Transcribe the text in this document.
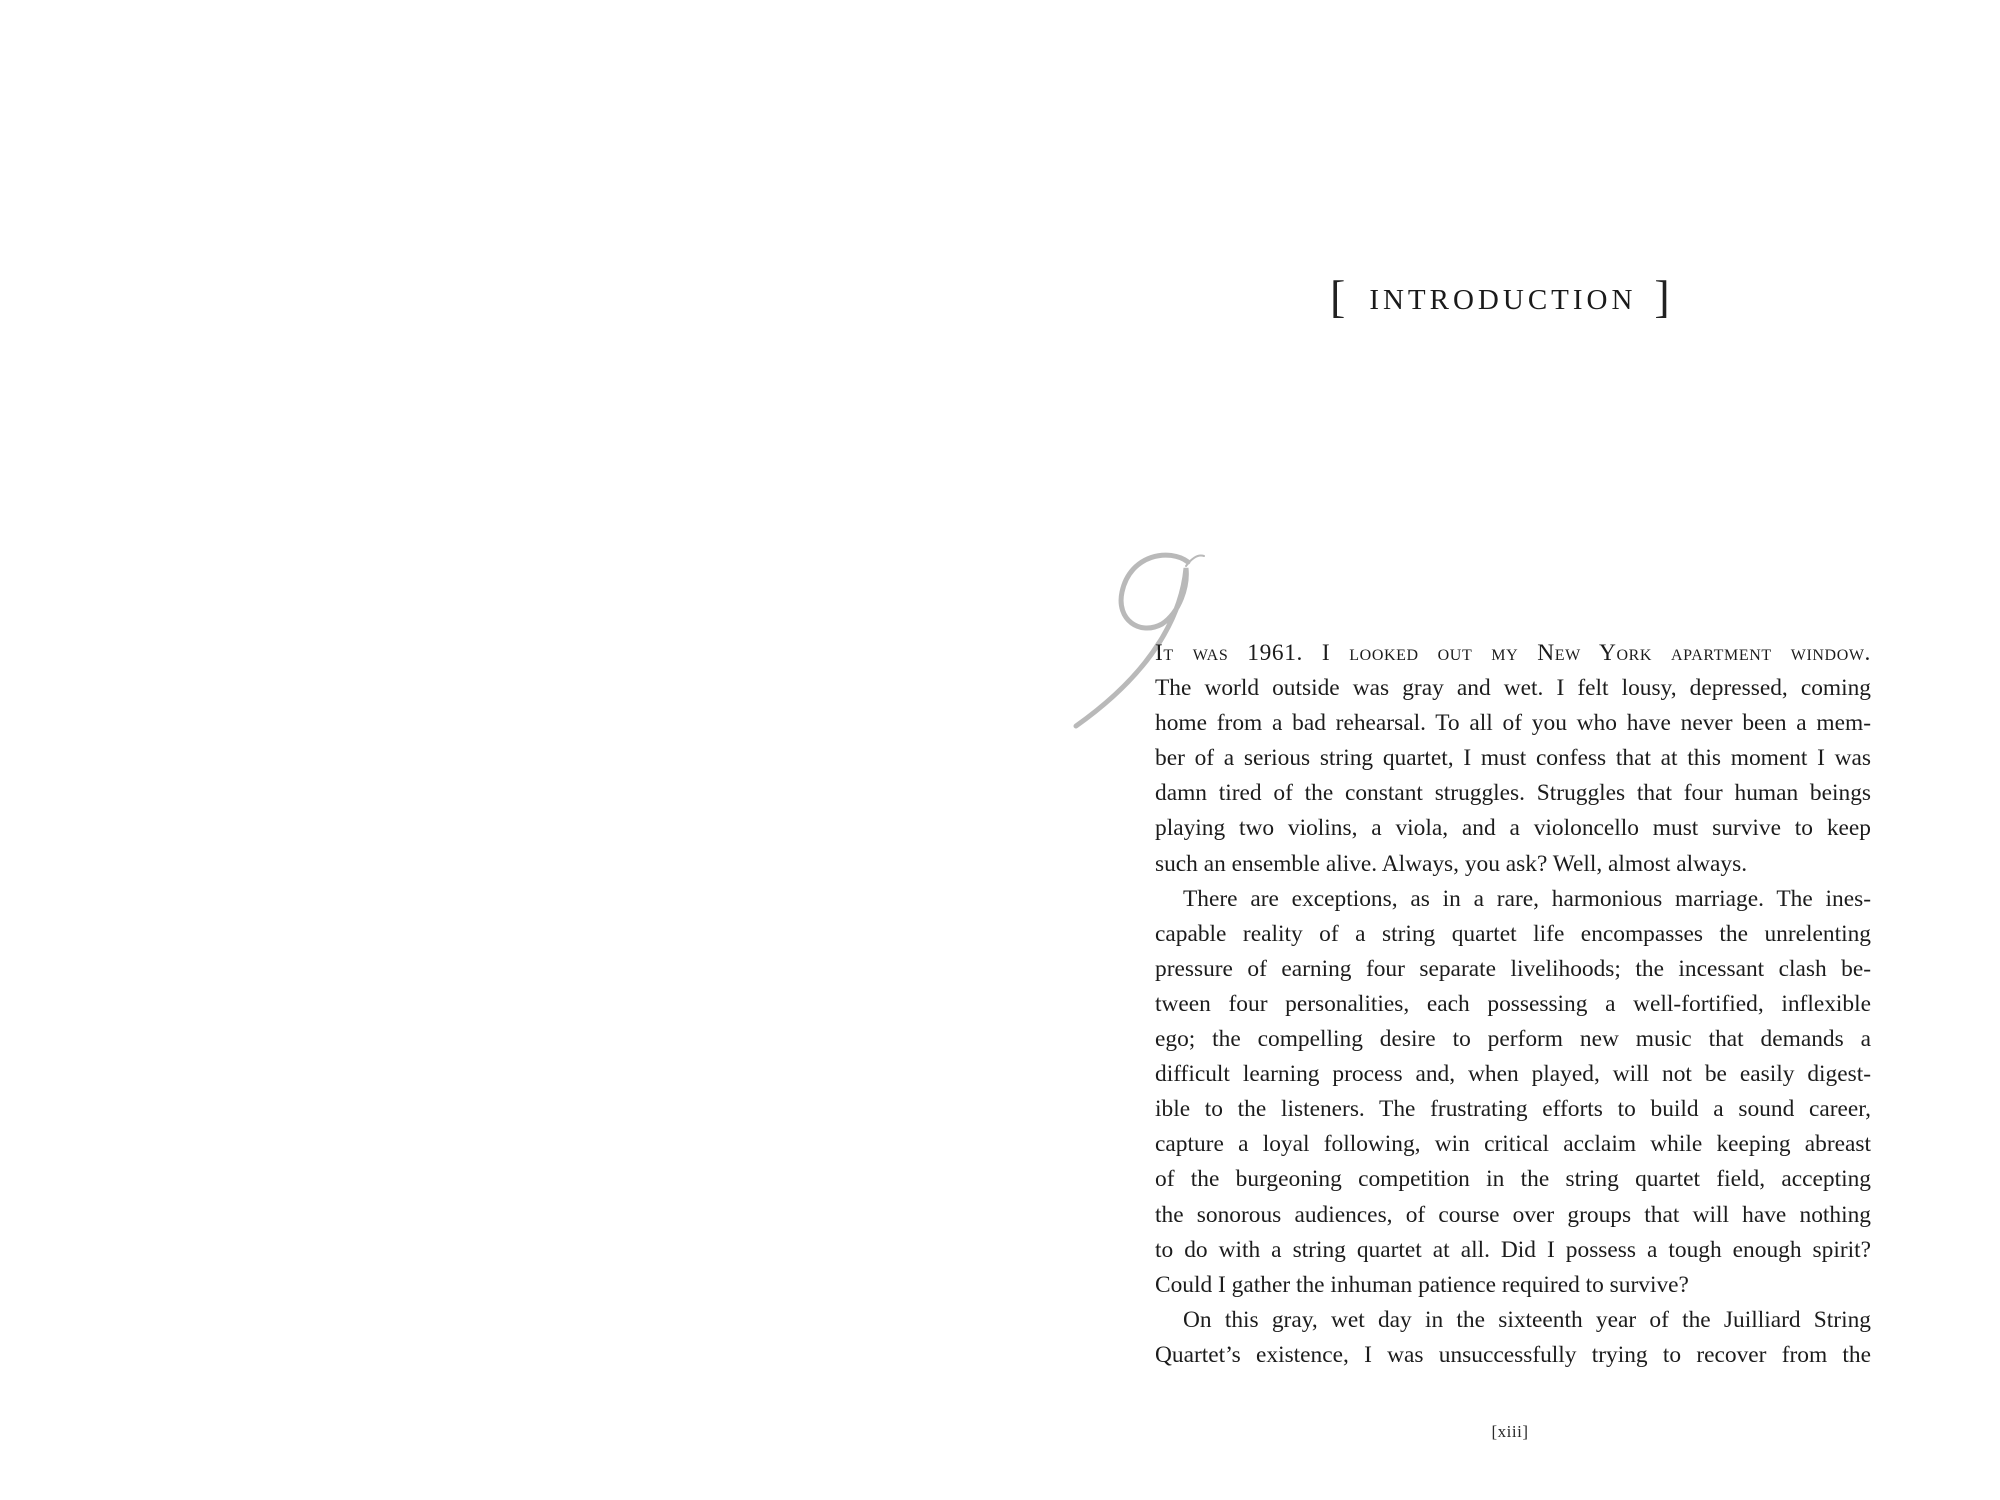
[ INTRODUCTION ]
It was 1961. I looked out my New York apartment window.
The world outside was gray and wet. I felt lousy, depressed, coming
home from a bad rehearsal. To all of you who have never been a mem-
ber of a serious string quartet, I must confess that at this moment I was
damn tired of the constant struggles. Struggles that four human beings
playing two violins, a viola, and a violoncello must survive to keep
such an ensemble alive. Always, you ask? Well, almost always.
There are exceptions, as in a rare, harmonious marriage. The ines-
capable reality of a string quartet life encompasses the unrelenting
pressure of earning four separate livelihoods; the incessant clash be-
tween four personalities, each possessing a well-fortified, inflexible
ego; the compelling desire to perform new music that demands a
difficult learning process and, when played, will not be easily digest-
ible to the listeners. The frustrating efforts to build a sound career,
capture a loyal following, win critical acclaim while keeping abreast
of the burgeoning competition in the string quartet field, accepting
the sonorous audiences, of course over groups that will have nothing
to do with a string quartet at all. Did I possess a tough enough spirit?
Could I gather the inhuman patience required to survive?
On this gray, wet day in the sixteenth year of the Juilliard String
Quartet’s existence, I was unsuccessfully trying to recover from the
[xiii]
